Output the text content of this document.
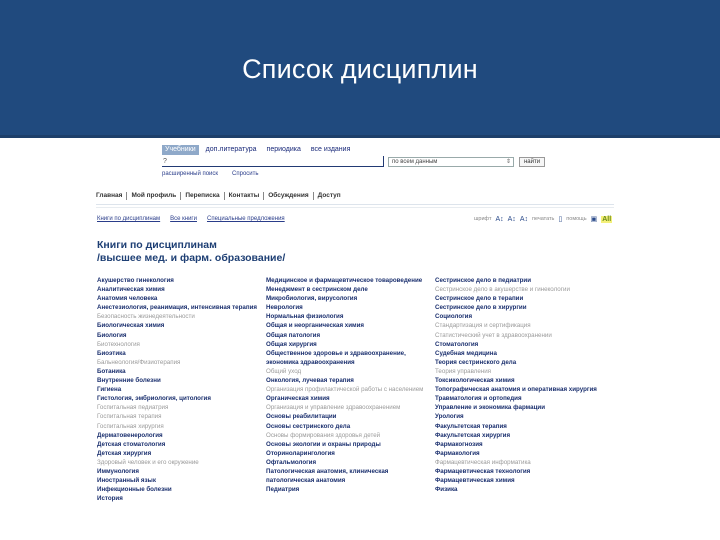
Список дисциплин
Учебники	доп.литература	периодика	все издания
?
по всем данным	⇕	найти
расширенный поиск Спросить
Главная	Мой профиль	Переписка	Контакты	Обсуждения	Доступ
Книги по дисциплинам Все книги Специальные предложения	шрифт A↕ A↕ A↕ печатать ▯ помощь ▣ All
Книги по дисциплинам
/высшее мед. и фарм. образование/
Акушерство гинекология
Аналитическая химия
Анатомия человека
Анестезиология, реанимация, интенсивная терапия
Безопасность жизнедеятельности
Биологическая химия
Биология
Биотехнология
Биоэтика
Бальнеология/Физиотерапия
Ботаника
Внутренние болезни
Гигиена
Гистология, эмбриология, цитология
Госпитальная педиатрия
Госпитальная терапия
Госпитальная хирургия
Дерматовенерология
Детская стоматология
Детская хирургия
Здоровый человек и его окружение
Иммунология
Иностранный язык
Инфекционные болезни
История
Медицинское и фармацевтическое товароведение
Менеджмент в сестринском деле
Микробиология, вирусология
Неврология
Нормальная физиология
Общая и неорганическая химия
Общая патология
Общая хирургия
Общественное здоровье и здравоохранение, экономика здравоохранения
Общий уход
Онкология, лучевая терапия
Организация профилактической работы с населением
Органическая химия
Организация и управление здравоохранением
Основы реабилитации
Основы сестринского дела
Основы формирования здоровья детей
Основы экологии и охраны природы
Оториноларингология
Офтальмология
Патологическая анатомия, клиническая патологическая анатомия
Педиатрия
Сестринское дело в педиатрии
Сестринское дело в акушерстве и гинекологии
Сестринское дело в терапии
Сестринское дело в хирургии
Социология
Стандартизация и сертификация
Статистический учет в здравоохранении
Стоматология
Судебная медицина
Теория сестринского дела
Теория управления
Токсикологическая химия
Топографическая анатомия и оперативная хирургия
Травматология и ортопедия
Управление и экономика фармации
Урология
Факультетская терапия
Факультетская хирургия
Фармакогнозия
Фармакология
Фармацевтическая информатика
Фармацевтическая технология
Фармацевтическая химия
Физика
